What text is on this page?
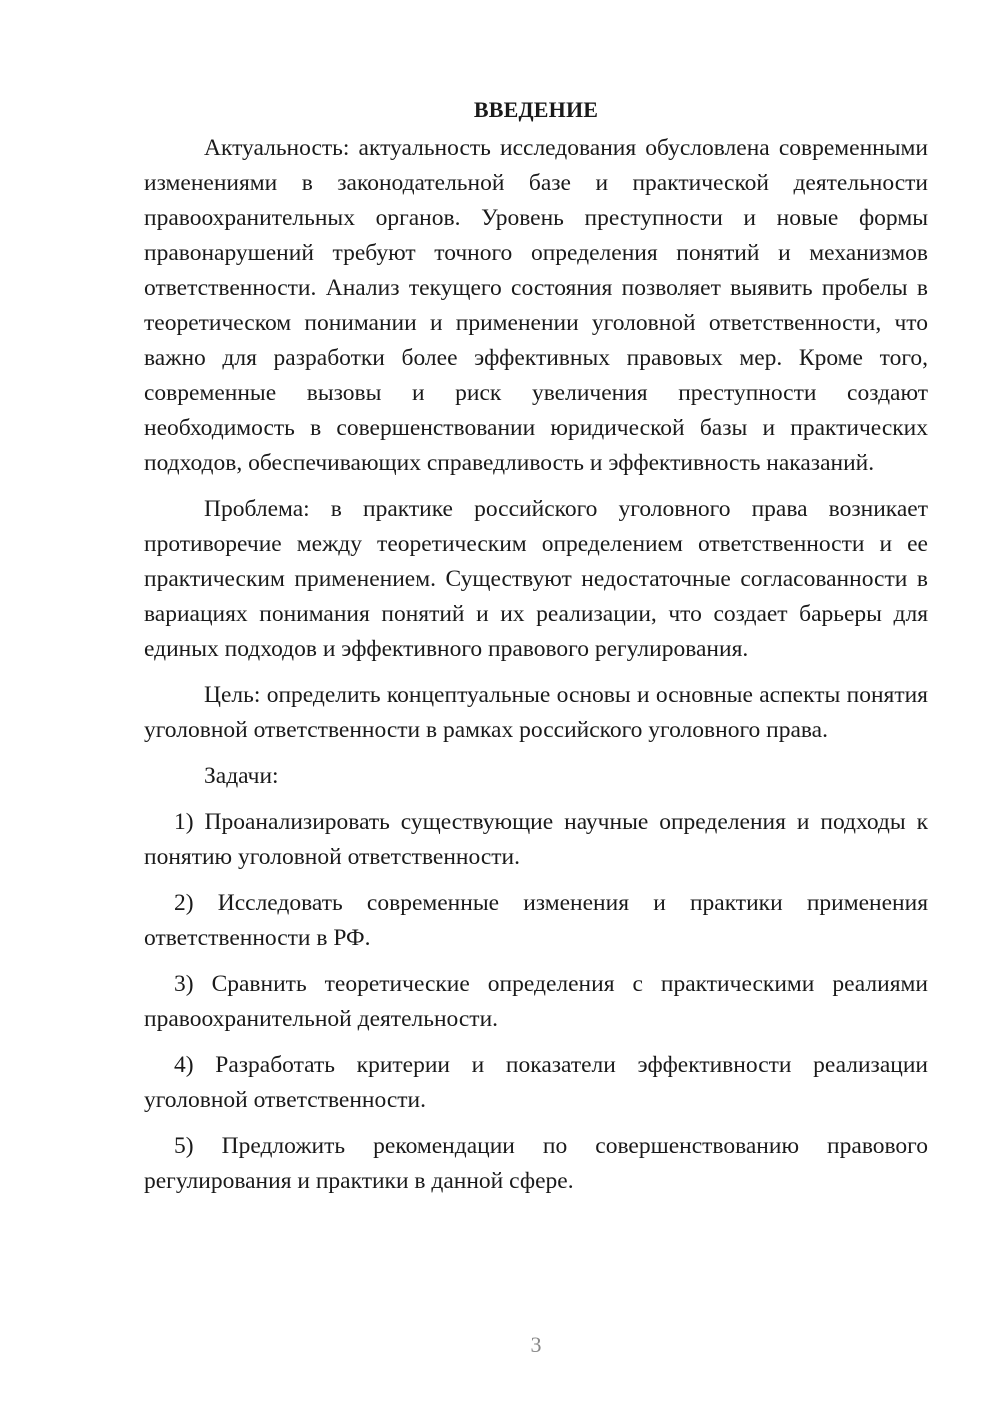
ВВЕДЕНИЕ

Актуальность: актуальность исследования обусловлена современными изменениями в законодательной базе и практической деятельности правоохранительных органов. Уровень преступности и новые формы правонарушений требуют точного определения понятий и механизмов ответственности. Анализ текущего состояния позволяет выявить пробелы в теоретическом понимании и применении уголовной ответственности, что важно для разработки более эффективных правовых мер. Кроме того, современные вызовы и риск увеличения преступности создают необходимость в совершенствовании юридической базы и практических подходов, обеспечивающих справедливость и эффективность наказаний.

Проблема: в практике российского уголовного права возникает противоречие между теоретическим определением ответственности и ее практическим применением. Существуют недостаточные согласованности в вариациях понимания понятий и их реализации, что создает барьеры для единых подходов и эффективного правового регулирования.

Цель: определить концептуальные основы и основные аспекты понятия уголовной ответственности в рамках российского уголовного права.

Задачи:

1) Проанализировать существующие научные определения и подходы к понятию уголовной ответственности.

2) Исследовать современные изменения и практики применения ответственности в РФ.

3) Сравнить теоретические определения с практическими реалиями правоохранительной деятельности.

4) Разработать критерии и показатели эффективности реализации уголовной ответственности.

5) Предложить рекомендации по совершенствованию правового регулирования и практики в данной сфере.

3
